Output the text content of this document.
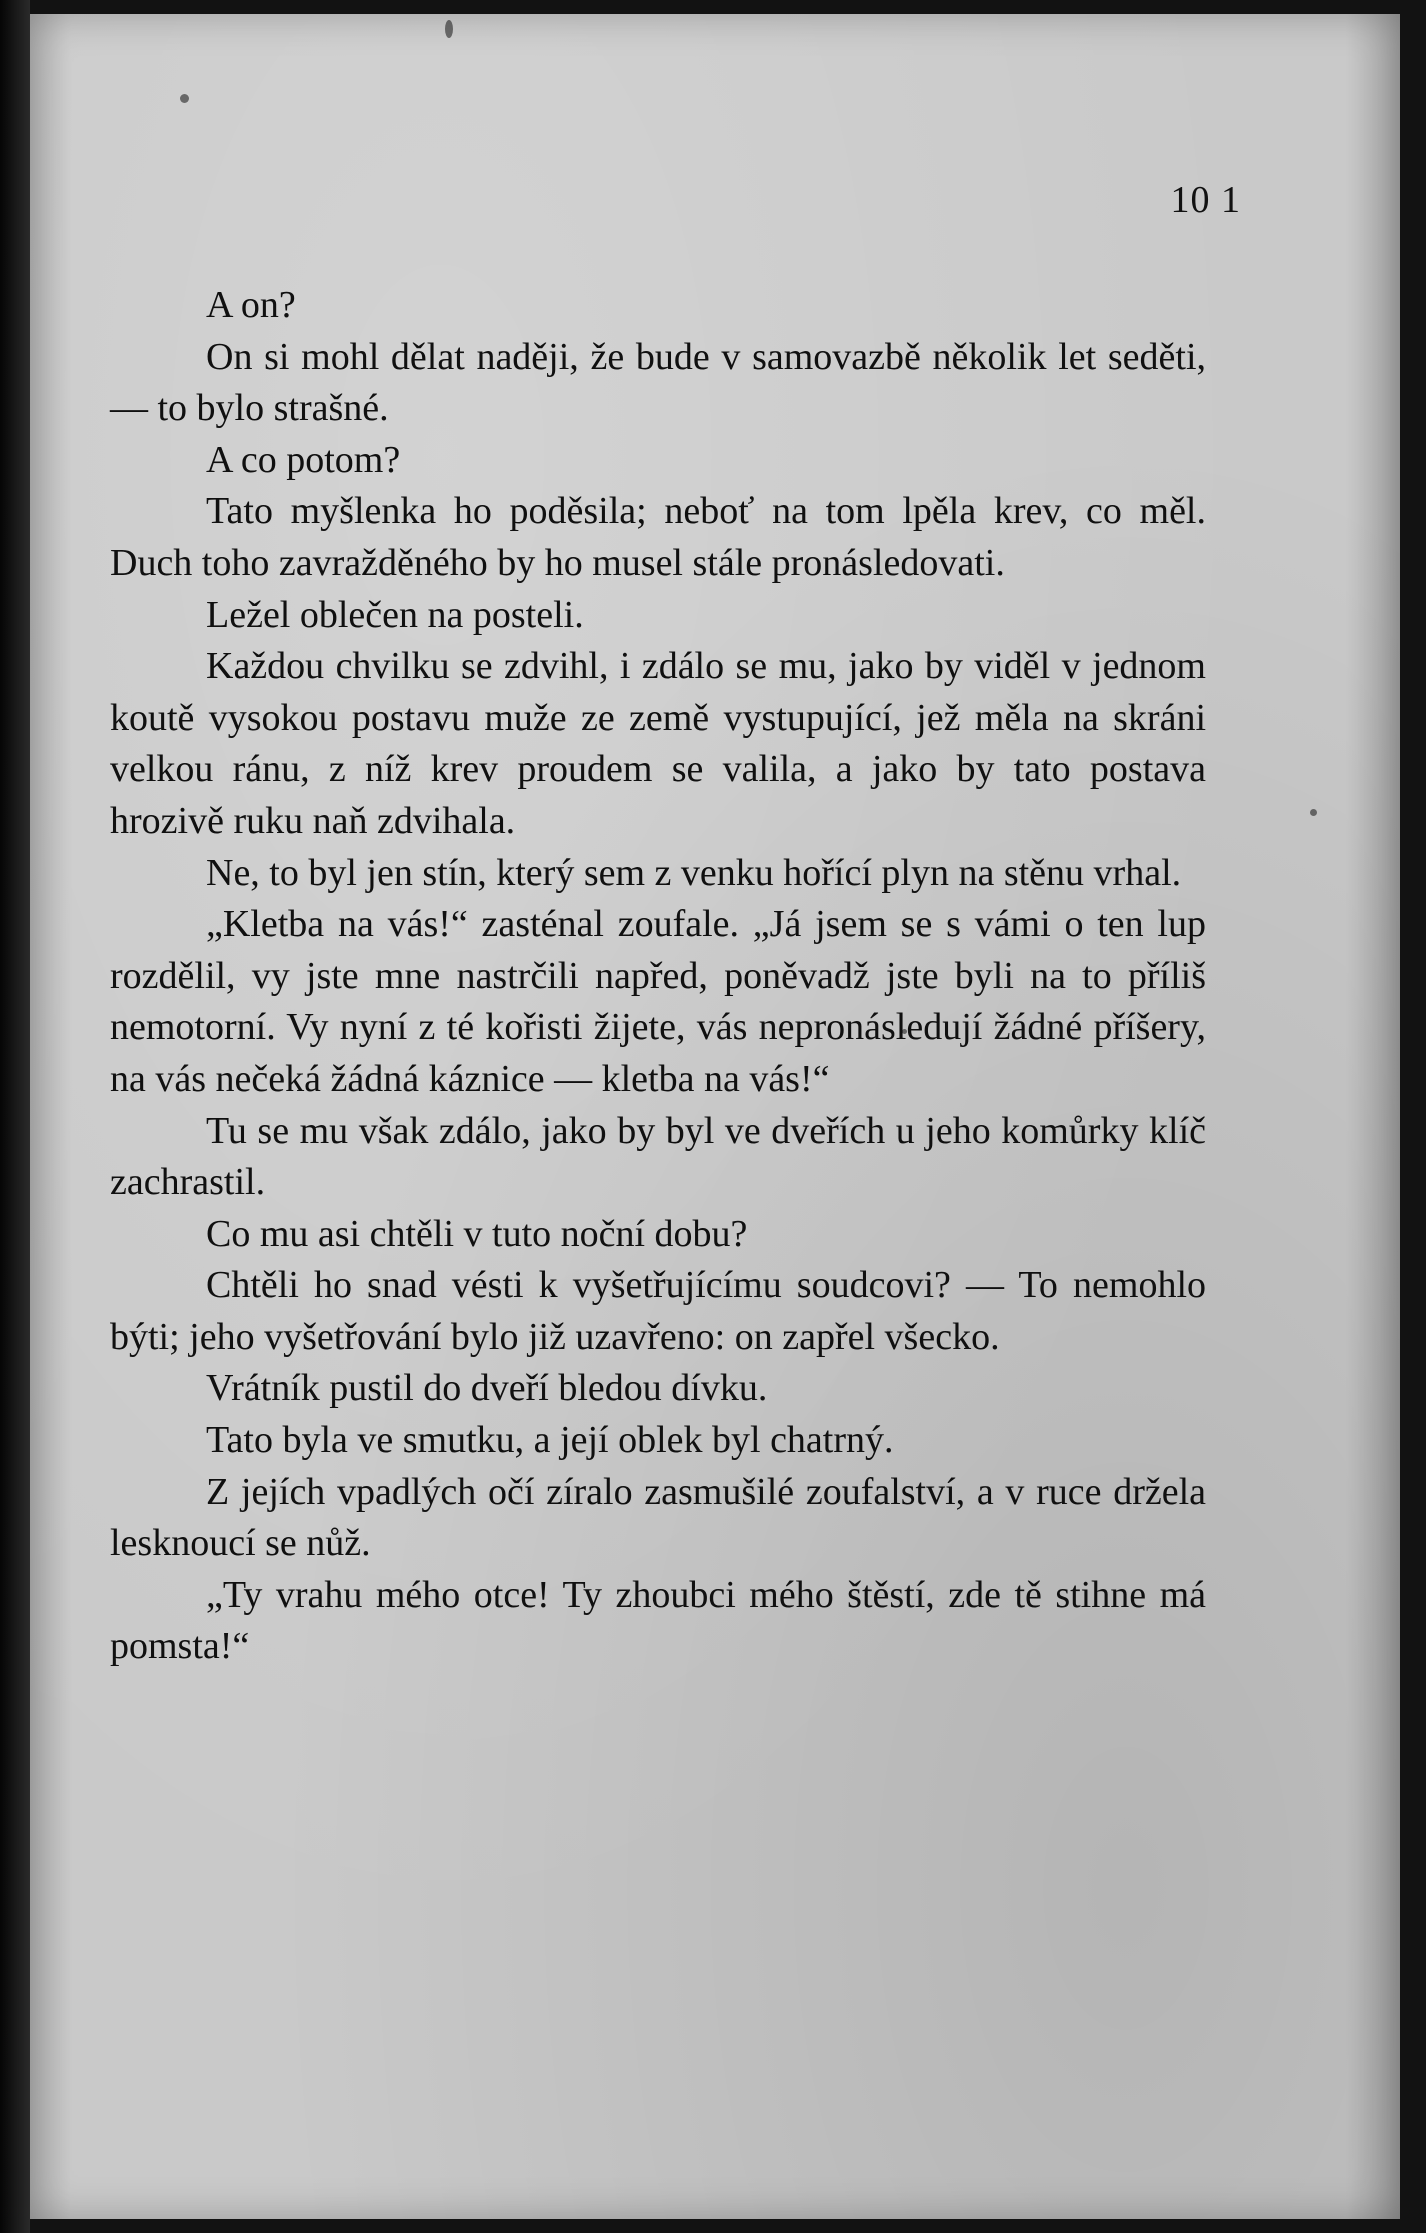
10 1

A on?

On si mohl dělat naději, že bude v samovazbě několik let seděti, — to bylo strašné.

A co potom?

Tato myšlenka ho poděsila; neboť na tom lpěla krev, co měl. Duch toho zavražděného by ho musel stále pronásledovati.

Ležel oblečen na posteli.

Každou chvilku se zdvihl, i zdálo se mu, jako by viděl v jednom koutě vysokou postavu muže ze země vystupující, jež měla na skráni velkou ránu, z níž krev proudem se valila, a jako by tato postava hrozivě ruku naň zdvihala.

Ne, to byl jen stín, který sem z venku hořící plyn na stěnu vrhal.

„Kletba na vás!“ zasténal zoufale. „Já jsem se s vámi o ten lup rozdělil, vy jste mne nastrčili napřed, poněvadž jste byli na to příliš nemotorní. Vy nyní z té kořisti žijete, vás nepronásledují žádné příšery, na vás nečeká žádná káznice — kletba na vás!“

Tu se mu však zdálo, jako by byl ve dveřích u jeho komůrky klíč zachrastil.

Co mu asi chtěli v tuto noční dobu?

Chtěli ho snad vésti k vyšetřujícímu soudcovi? — To nemohlo býti; jeho vyšetřování bylo již uzavřeno: on zapřel všecko.

Vrátník pustil do dveří bledou dívku.

Tato byla ve smutku, a její oblek byl chatrný.

Z jejích vpadlých očí zíralo zasmušilé zoufalství, a v ruce držela lesknoucí se nůž.

„Ty vrahu mého otce! Ty zhoubci mého štěstí, zde tě stihne má pomsta!“
